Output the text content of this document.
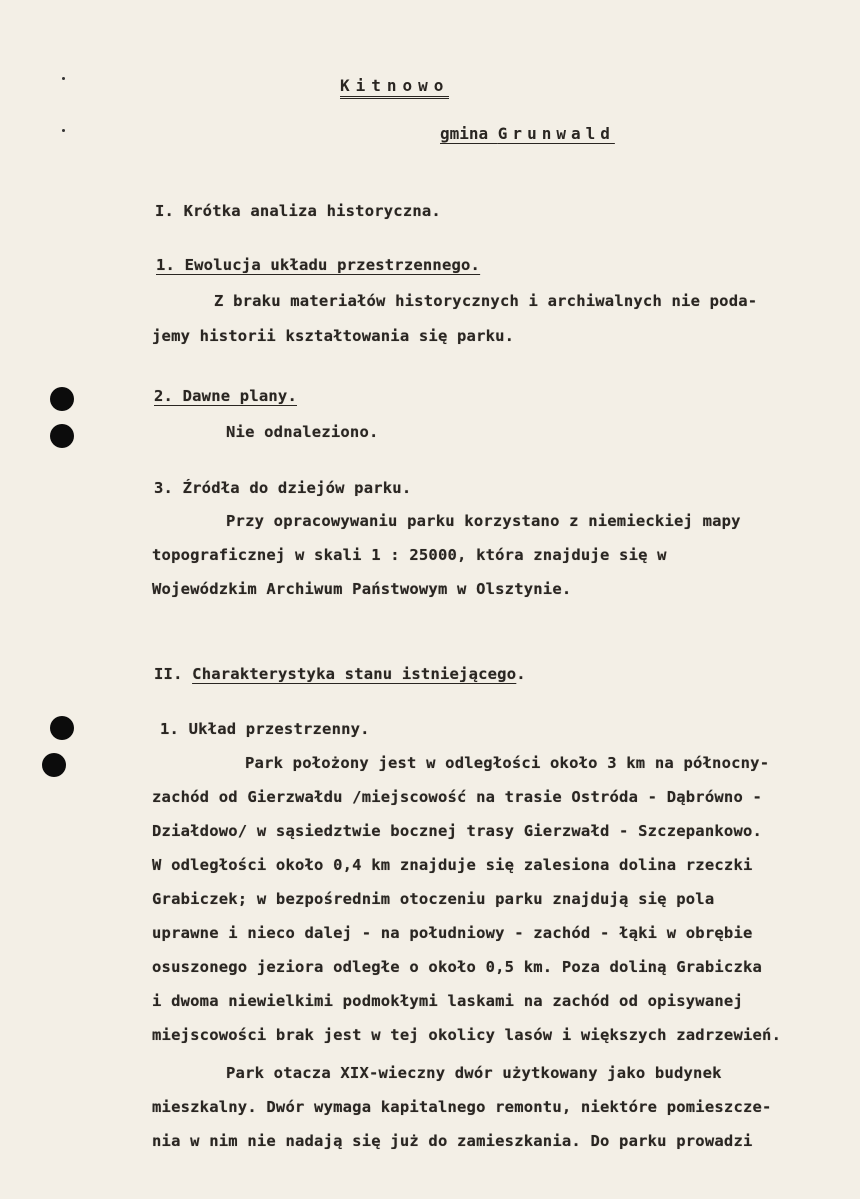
Kitnowo
gmina Grunwald
I. Krótka analiza historyczna.
1. Ewolucja układu przestrzennego.
Z braku materiałów historycznych i archiwalnych nie poda-
jemy historii kształtowania się parku.
2. Dawne plany.
Nie odnaleziono.
3. Źródła do dziejów parku.
Przy opracowywaniu parku korzystano z niemieckiej mapy
topograficznej w skali 1 : 25000, która znajduje się w
Wojewódzkim Archiwum Państwowym w Olsztynie.
II. Charakterystyka stanu istniejącego.
1. Układ przestrzenny.
Park położony jest w odległości około 3 km na północny-
zachód od Gierzwałdu /miejscowość na trasie Ostróda - Dąbrówno -
Działdowo/ w sąsiedztwie bocznej trasy Gierzwałd - Szczepankowo.
W odległości około 0,4 km znajduje się zalesiona dolina rzeczki
Grabiczek; w bezpośrednim otoczeniu parku znajdują się pola
uprawne i nieco dalej - na południowy - zachód - łąki w obrębie
osuszonego jeziora odległe o około 0,5 km. Poza doliną Grabiczka
i dwoma niewielkimi podmokłymi laskami na zachód od opisywanej
miejscowości brak jest w tej okolicy lasów i większych zadrzewień.
Park otacza XIX-wieczny dwór użytkowany jako budynek
mieszkalny. Dwór wymaga kapitalnego remontu, niektóre pomieszcze-
nia w nim nie nadają się już do zamieszkania. Do parku prowadzi
